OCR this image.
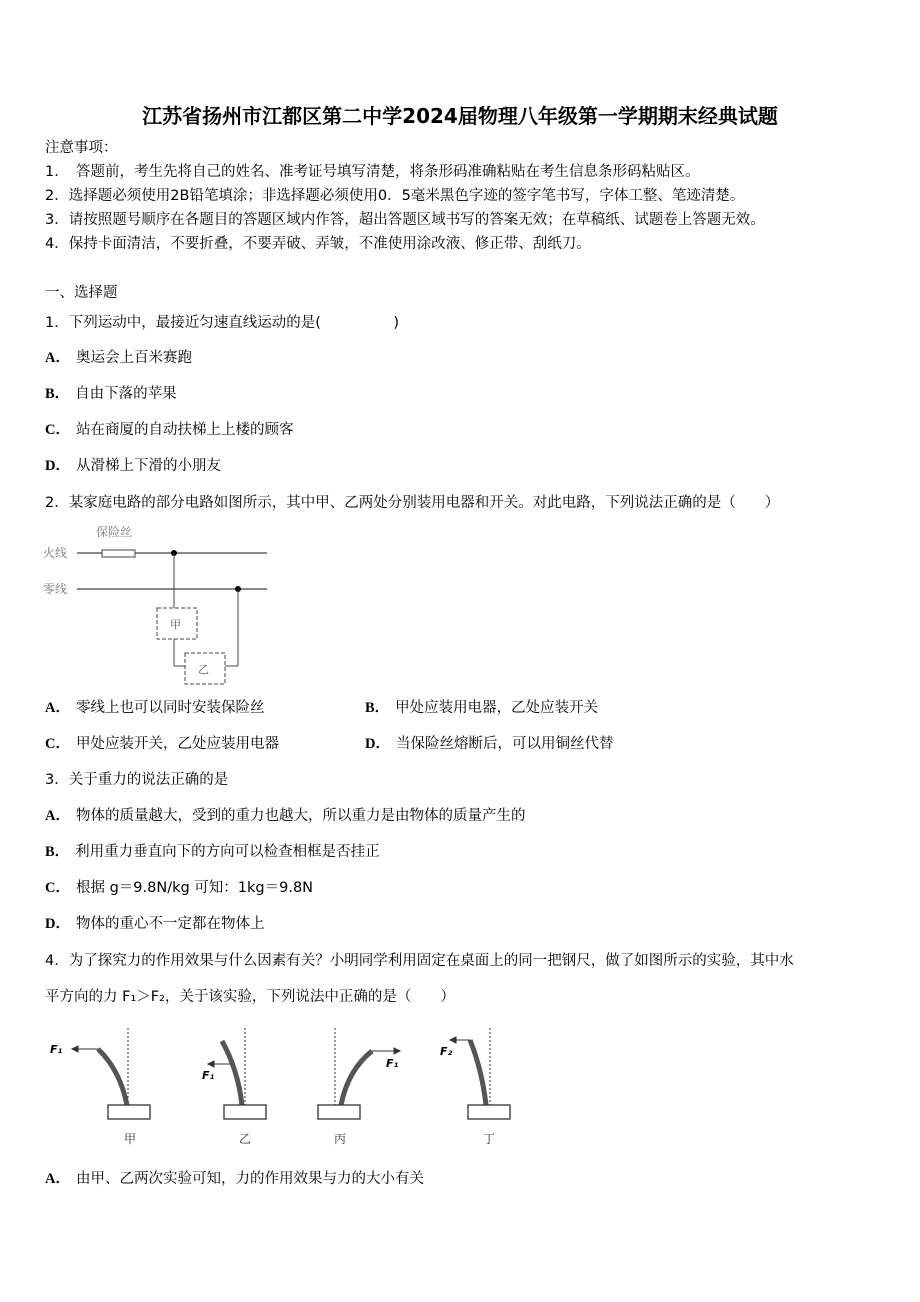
江苏省扬州市江都区第二中学2024届物理八年级第一学期期末经典试题
注意事项：
1．　答题前，考生先将自己的姓名、准考证号填写清楚，将条形码准确粘贴在考生信息条形码粘贴区。
2．选择题必须使用2B铅笔填涂；非选择题必须使用0．5毫米黑色字迹的签字笔书写，字体工整、笔迹清楚。
3．请按照题号顺序在各题目的答题区域内作答，超出答题区域书写的答案无效；在草稿纸、试题卷上答题无效。
4．保持卡面清洁，不要折叠，不要弄破、弄皱，不准使用涂改液、修正带、刮纸刀。
一、选择题
1．下列运动中，最接近匀速直线运动的是(　　　　　)
A． 奥运会上百米赛跑
B． 自由下落的苹果
C． 站在商厦的自动扶梯上上楼的顾客
D． 从滑梯上下滑的小朋友
2．某家庭电路的部分电路如图所示，其中甲、乙两处分别装用电器和开关。对此电路，下列说法正确的是（　　）
保险丝
火线
零线
甲
乙
A． 零线上也可以同时安装保险丝	B． 甲处应装用电器，乙处应装开关
C． 甲处应装开关，乙处应装用电器	D． 当保险丝熔断后，可以用铜丝代替
3．关于重力的说法正确的是
A． 物体的质量越大，受到的重力也越大，所以重力是由物体的质量产生的
B． 利用重力垂直向下的方向可以检查相框是否挂正
C． 根据 g＝9.8N/kg 可知：1kg＝9.8N
D． 物体的重心不一定都在物体上
4．为了探究力的作用效果与什么因素有关？小明同学利用固定在桌面上的同一把钢尺，做了如图所示的实验，其中水
平方向的力 F₁＞F₂，关于该实验，下列说法中正确的是（　　）
F₁
F₁
F₁
F₂
甲	乙	丙	丁
A． 由甲、乙两次实验可知，力的作用效果与力的大小有关
